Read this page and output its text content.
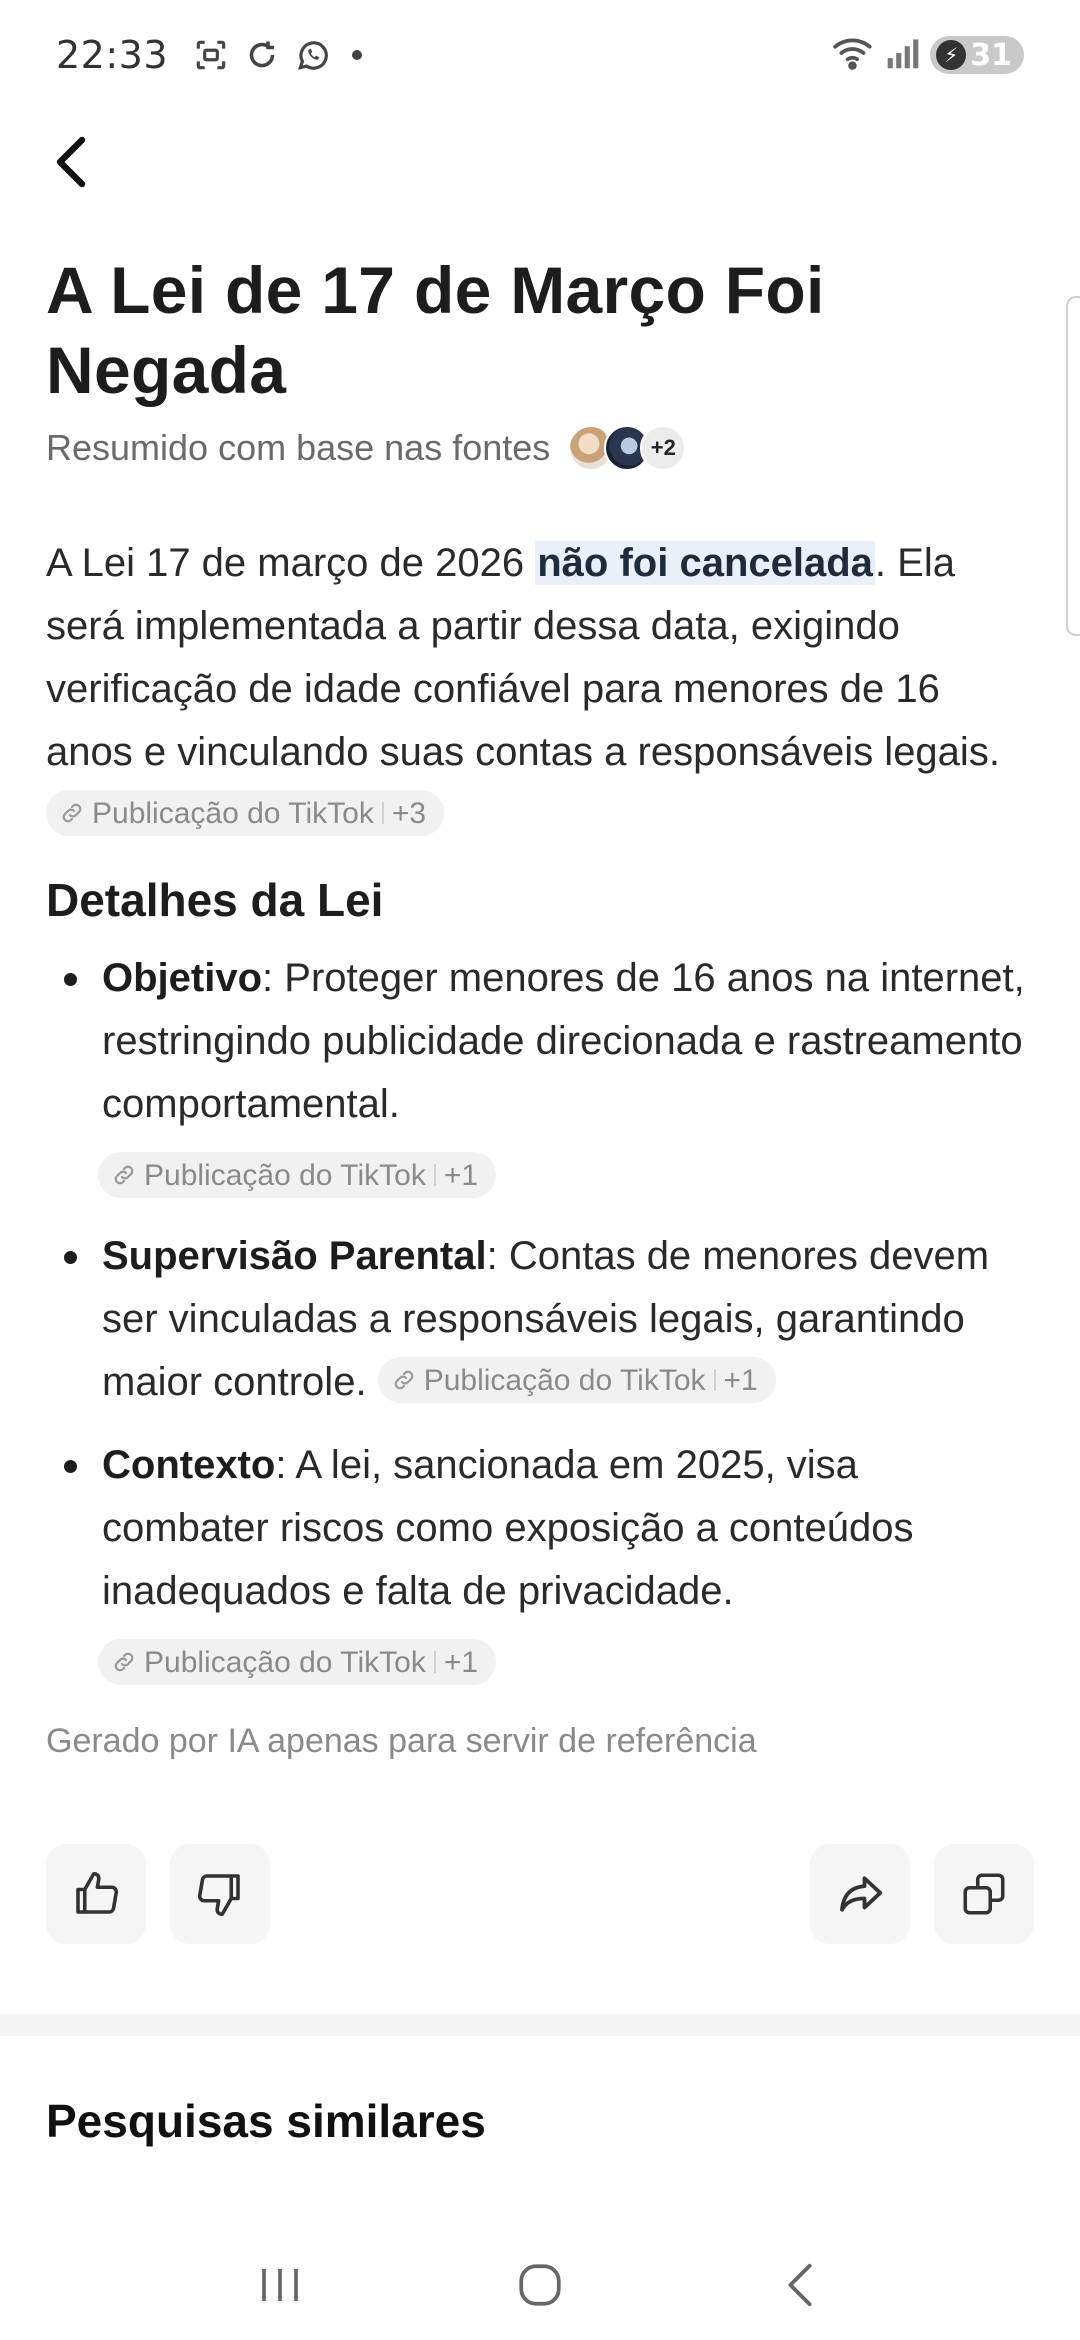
22:33	⚡ 31
A Lei de 17 de Março Foi Negada
Resumido com base nas fontes	+2

A Lei 17 de março de 2026 não foi cancelada. Ela será implementada a partir dessa data, exigindo verificação de idade confiável para menores de 16 anos e vinculando suas contas a responsáveis legais.
Publicação do TikTok +3

Detalhes da Lei
Objetivo: Proteger menores de 16 anos na internet, restringindo publicidade direcionada e rastreamento comportamental.
Publicação do TikTok +1
Supervisão Parental: Contas de menores devem ser vinculadas a responsáveis legais, garantindo maior controle. Publicação do TikTok +1
Contexto: A lei, sancionada em 2025, visa combater riscos como exposição a conteúdos inadequados e falta de privacidade.
Publicação do TikTok +1

Gerado por IA apenas para servir de referência

Pesquisas similares
